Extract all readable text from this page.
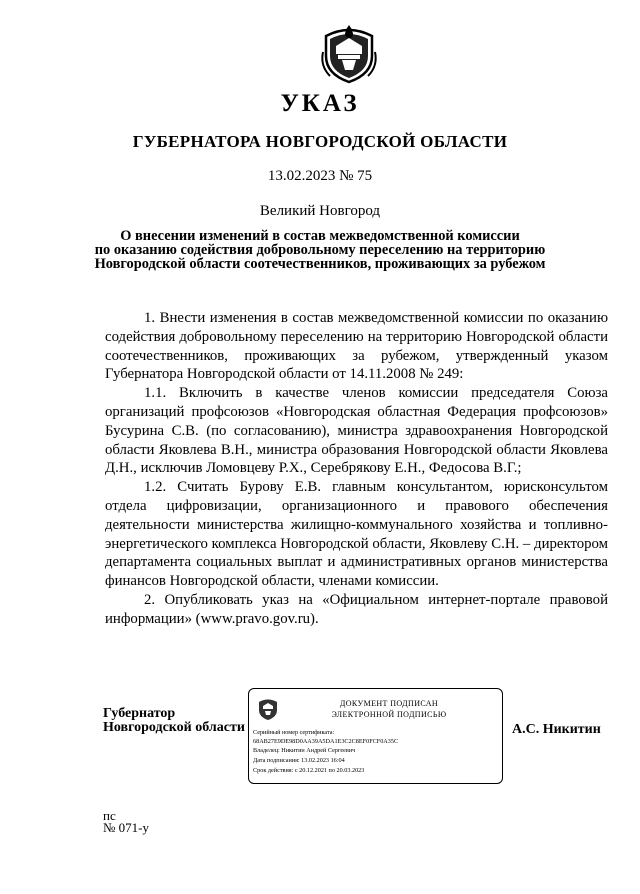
УКАЗ
ГУБЕРНАТОРА НОВГОРОДСКОЙ ОБЛАСТИ
13.02.2023 № 75
Великий Новгород
О внесении изменений в состав межведомственной комиссии
по оказанию содействия добровольному переселению на территорию
Новгородской области соотечественников, проживающих за рубежом

1. Внести изменения в состав межведомственной комиссии по оказанию содействия добровольному переселению на территорию Новгородской области соотечественников, проживающих за рубежом, утвержденный указом Губернатора Новгородской области от 14.11.2008 № 249:

1.1. Включить в качестве членов комиссии председателя Союза организаций профсоюзов «Новгородская областная Федерация профсоюзов» Бусурина С.В. (по согласованию), министра здравоохранения Новгородской области Яковлева В.Н., министра образования Новгородской области Яковлева Д.Н., исключив Ломовцеву Р.Х., Серебрякову Е.Н., Федосова В.Г.;

1.2. Считать Бурову Е.В. главным консультантом, юрисконсультом отдела цифровизации, организационного и правового обеспечения деятельности министерства жилищно-коммунального хозяйства и топливно-энергетического комплекса Новгородской области, Яковлеву С.Н. – директором департамента социальных выплат и административных органов министерства финансов Новгородской области, членами комиссии.

2. Опубликовать указ на «Официальном интернет-портале правовой информации» (www.pravo.gov.ru).

Губернатор
Новгородской области
ДОКУМЕНТ ПОДПИСАН
ЭЛЕКТРОННОЙ ПОДПИСЬЮ
Серийный номер сертификата:
68AB27E9DE98D0AA39A5DA1E3C2C8EF0FCF0A35C
Владелец: Никитин Андрей Сергеевич
Дата подписания: 13.02.2023 16:04
Срок действия: с 20.12.2021 по 20.03.2023
А.С. Никитин
пс
№ 071-у
